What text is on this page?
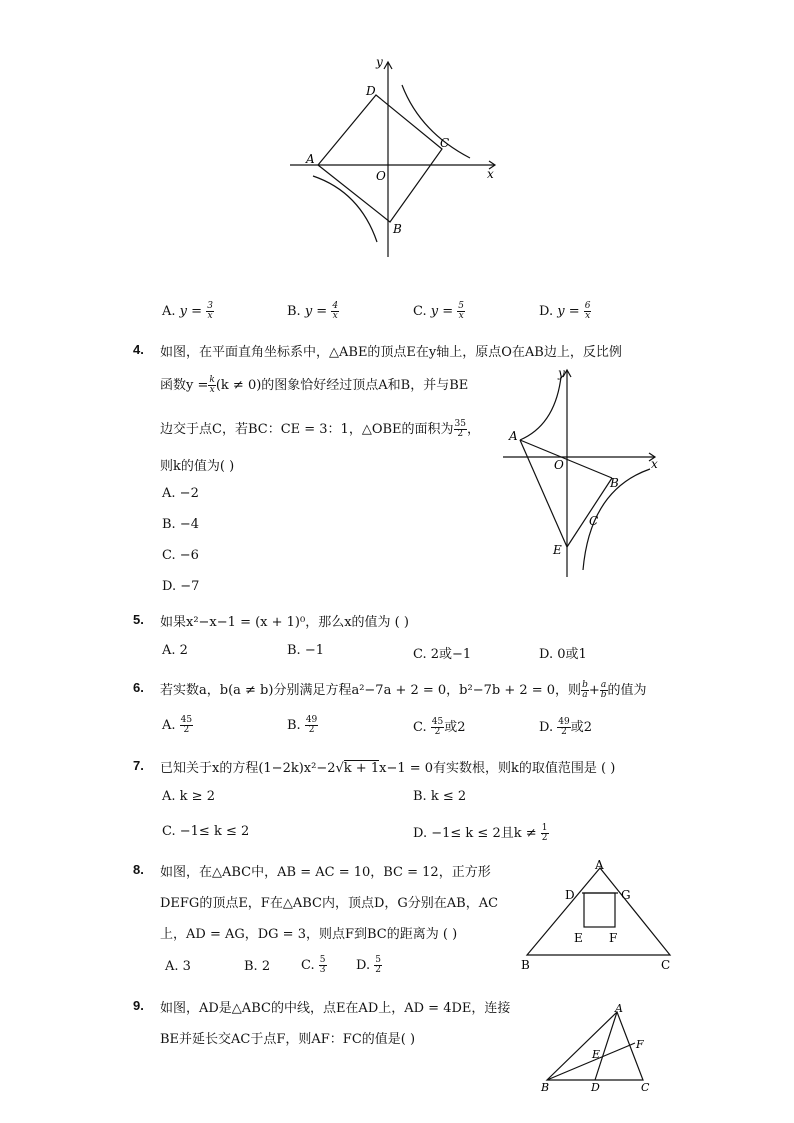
y
x
D
C
A
O
B
A. $y = \frac{3}{x}$	B. $y = \frac{4}{x}$	C. $y = \frac{5}{x}$	D. $y = \frac{6}{x}$
4. 如图，在平面直角坐标系中，△ABE的顶点E在y轴上，原点O在AB边上，反比例
函数$y = \frac{k}{x} (k \ne 0)$的图象恰好经过顶点A和B，并与BE
边交于点C，若BC：CE = 3：1，△OBE的面积为 $\frac{35}{2}$ ，
则k的值为( )
A. −2
B. −4
C. −6
D. −7
y
x
A
O
B
C
E
5. 如果x²−x−1 = (x + 1)⁰，那么x的值为 ( )
A. 2	B. −1	C. 2或−1	D. 0或1
6. 若实数a，b(a ≠ b)分别满足方程a²−7a + 2 = 0，b²−7b + 2 = 0，则 $\frac{b}{a} + \frac{a}{b}$ 的值为
A. $\frac{45}{2}$	B. $\frac{49}{2}$	C. $\frac{45}{2}$ 或2	D. $\frac{49}{2}$ 或2
7. 已知关于x的方程(1−2k)x²−2√k + 1x−1 = 0有实数根，则k的取值范围是 ( )
A. k ≥ 2	B. k ≤ 2
C. −1≤ k ≤ 2	D. −1≤ k ≤ 2且$k \ne \frac{1}{2}$
8. 如图，在△ABC中，AB = AC = 10，BC = 12，正方形
DEFG的顶点E，F在△ABC内，顶点D，G分别在AB，AC
上，AD = AG，DG = 3，则点F到BC的距离为 ( )
A. 3	B. 2 C. $\frac{5}{3} D$. $\frac{5}{2}$
A
D	G
E F
B	C
9. 如图，AD是△ABC的中线，点E在AD上，AD = 4DE，连接
BE并延长交AC于点F，则AF：FC的值是( )
A
E
F
B	D	C
